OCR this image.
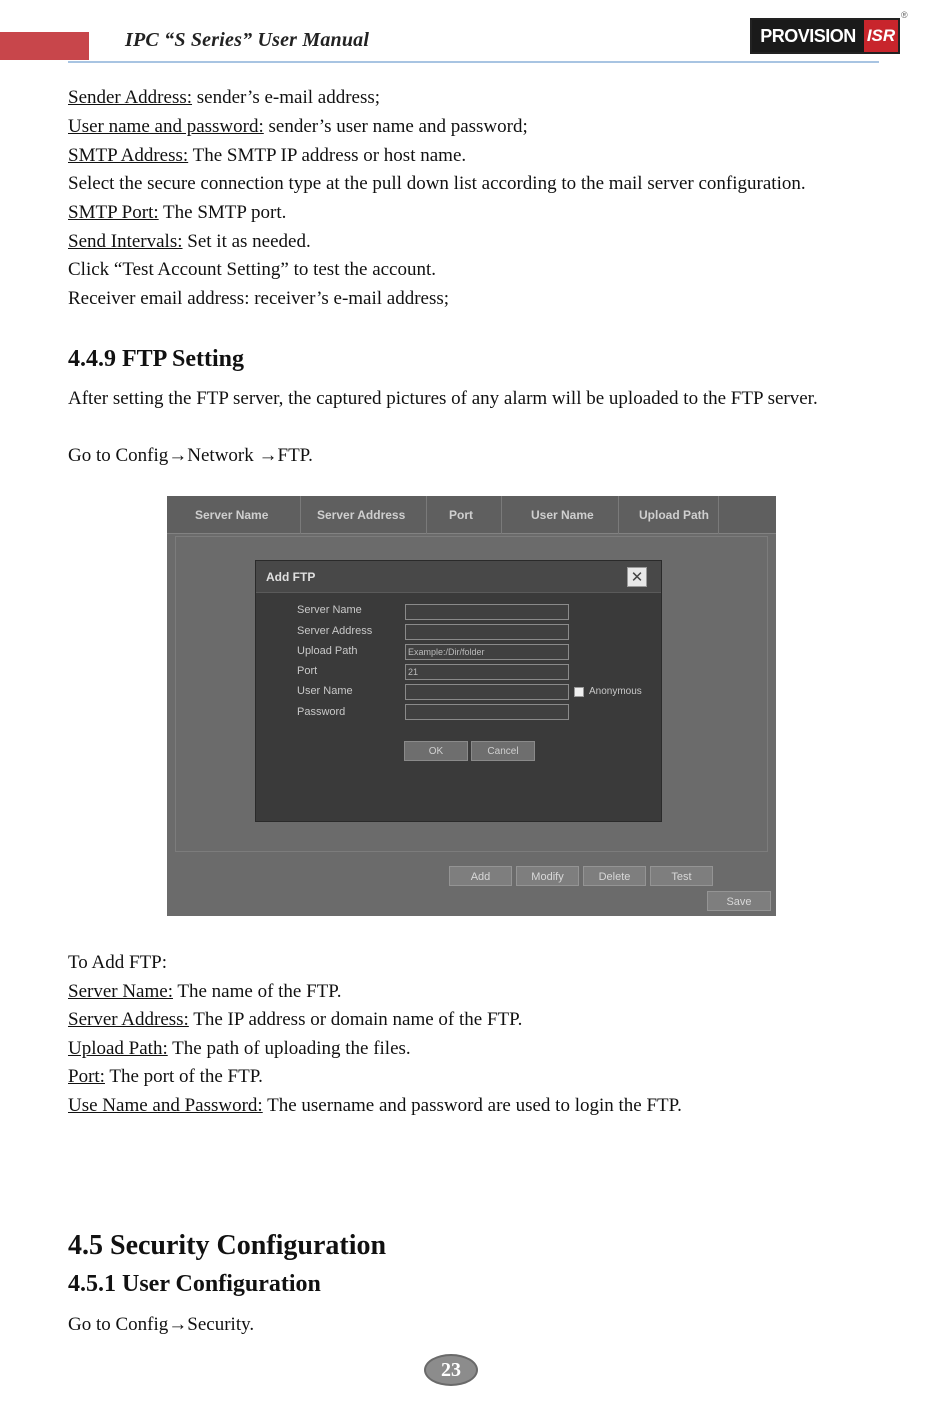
IPC “S Series” User Manual	PROVISION ISR
®
Sender Address: sender’s e-mail address;
User name and password: sender’s user name and password;
SMTP Address: The SMTP IP address or host name.
Select the secure connection type at the pull down list according to the mail server configuration.
SMTP Port: The SMTP port.
Send Intervals: Set it as needed.
Click “Test Account Setting” to test the account.
Receiver email address: receiver’s e-mail address;
4.4.9 FTP Setting
After setting the FTP server, the captured pictures of any alarm will be uploaded to the FTP server.
Go to Config→Network →FTP.
Server Name	Server Address	Port	User Name	Upload Path
Add FTP	✕
Server Name
Server Address
Upload Path	Example:/Dir/folder
Port	21
User Name	Anonymous
Password
OK	Cancel
Add	Modify	Delete	Test
Save
To Add FTP:
Server Name: The name of the FTP.
Server Address: The IP address or domain name of the FTP.
Upload Path: The path of uploading the files.
Port: The port of the FTP.
Use Name and Password: The username and password are used to login the FTP.
4.5 Security Configuration
4.5.1 User Configuration
Go to Config→Security.
23
